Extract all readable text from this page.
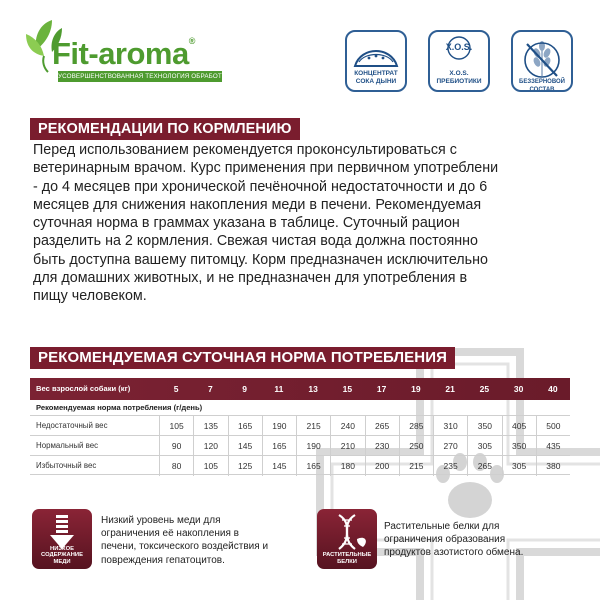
Fit-aroma®
УСОВЕРШЕНСТВОВАННАЯ ТЕХНОЛОГИЯ ОБРАБОТКИ	КОНЦЕНТРАТ
СОКА ДЫНИ
X.O.S.
X.O.S.
ПРЕБИОТИКИ	БЕЗЗЕРНОВОЙ СОСТАВ
РЕКОМЕНДАЦИИ ПО КОРМЛЕНИЮ
Перед использованием рекомендуется проконсультироваться с
ветеринарным врачом. Курс применения при первичном употреблени
- до 4 месяцев при хронической печёночной недостаточности и до 6
месяцев для снижения накопления меди в печени. Рекомендуемая
суточная норма в граммах указана в таблице. Суточный рацион
разделить на 2 кормления. Свежая чистая вода должна постоянно
быть доступна вашему питомцу. Корм предназначен исключительно
для домашних животных, и не предназначен для употребления в
пищу человеком.
РЕКОМЕНДУЕМАЯ СУТОЧНАЯ НОРМА ПОТРЕБЛЕНИЯ
Вес взрослой собаки (кг)	5	7	9	11	13	15	17	19	21	25	30	40
Рекомендуемая норма потребления (г/день)
Недостаточный вес	105	135	165	190	215	240	265	285	310	350	405	500
Нормальный вес	90	120	145	165	190	210	230	250	270	305	350	435
Избыточный вес	80	105	125	145	165	180	200	215	235	265	305	380
НИЗКОЕ
СОДЕРЖАНИЕ МЕДИ
Низкий уровень меди для
ограничения её накопления в
печени, токсического воздействия и
повреждения гепатоцитов.	РАСТИТЕЛЬНЫЕ
БЕЛКИ
Растительные белки для
ограничения образования
продуктов азотистого обмена.
